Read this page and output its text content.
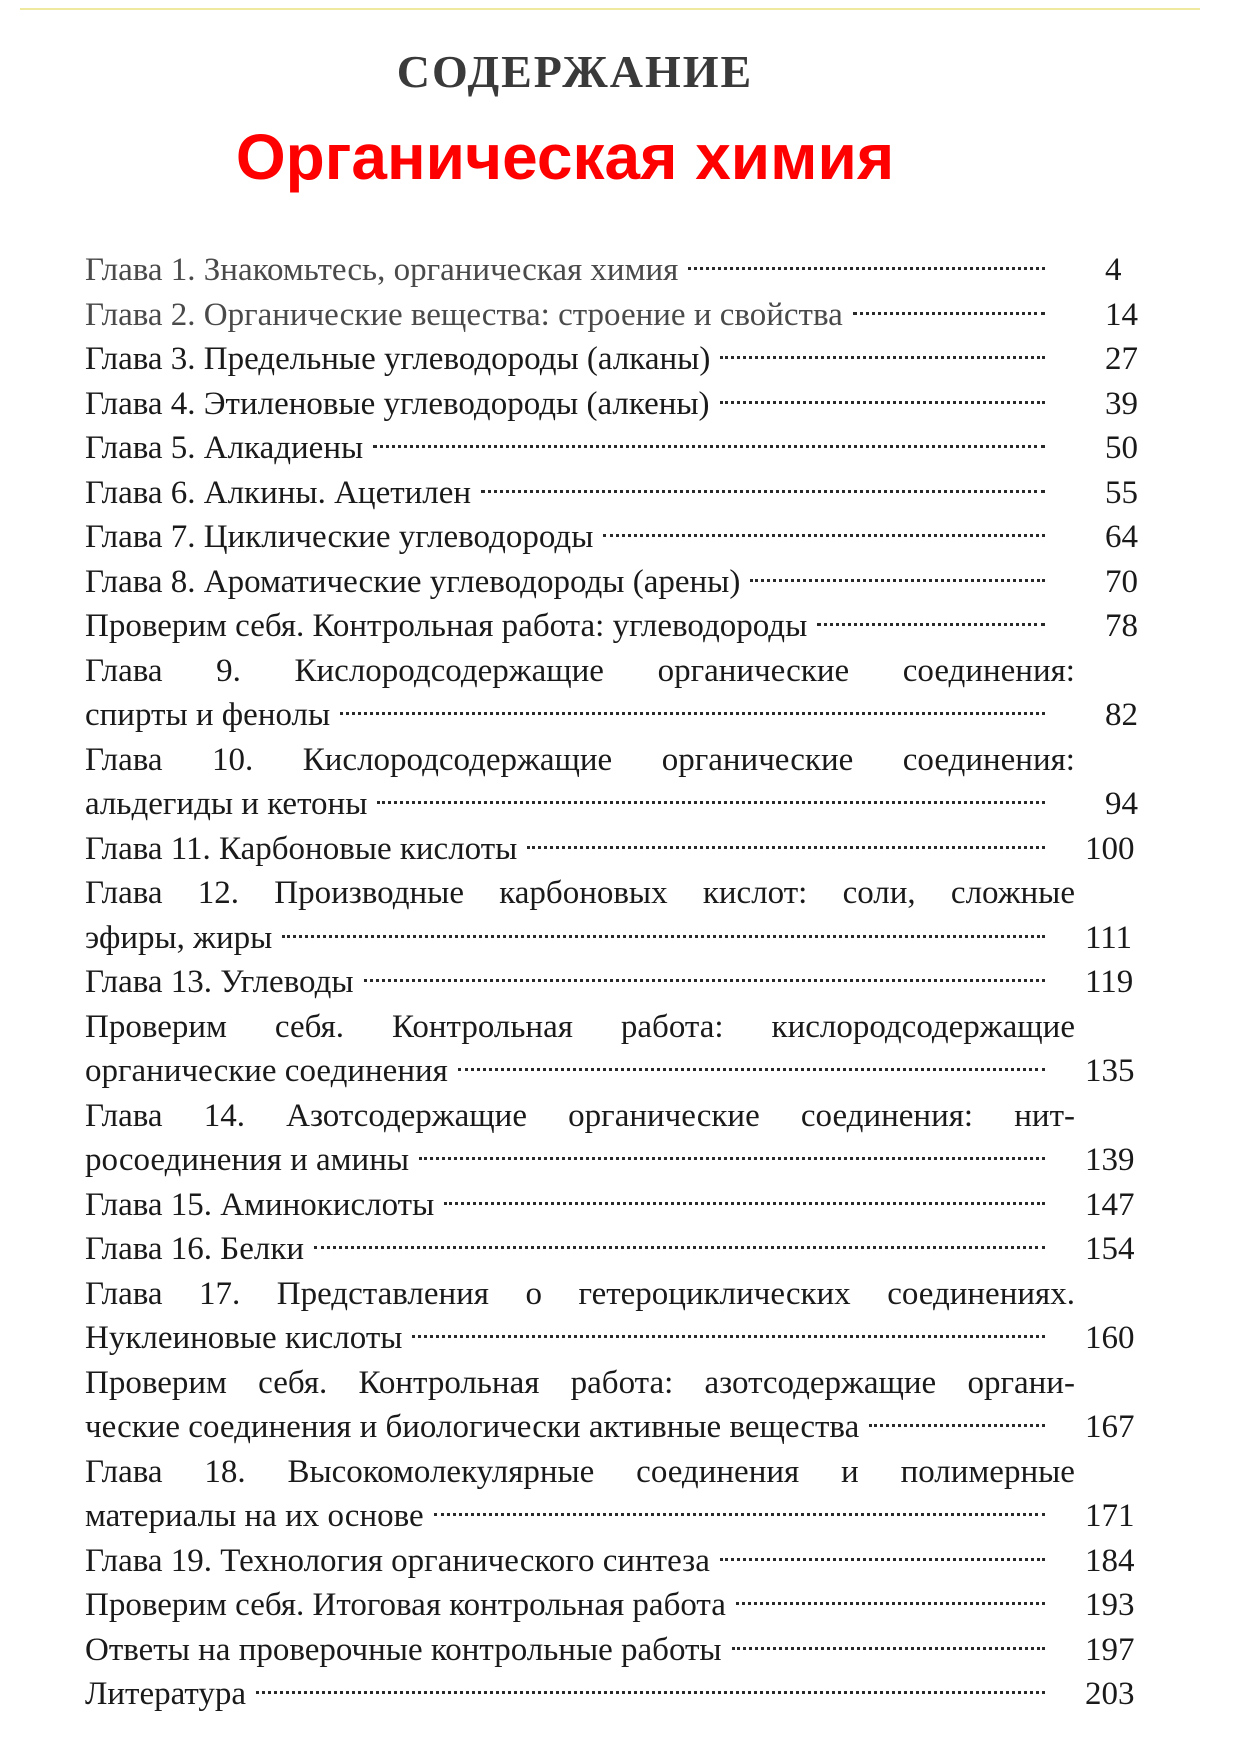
СОДЕРЖАНИЕ
Органическая химия
Глава 1. Знакомьтесь, органическая химия	4
Глава 2. Органические вещества: строение и свойства	14
Глава 3. Предельные углеводороды (алканы)	27
Глава 4. Этиленовые углеводороды (алкены)	39
Глава 5. Алкадиены	50
Глава 6. Алкины. Ацетилен	55
Глава 7. Циклические углеводороды	64
Глава 8. Ароматические углеводороды (арены)	70
Проверим себя. Контрольная работа: углеводороды	78
Глава 9. Кислородсодержащие органические соединения:
спирты и фенолы	82
Глава 10. Кислородсодержащие органические соединения:
альдегиды и кетоны	94
Глава 11. Карбоновые кислоты	100
Глава 12. Производные карбоновых кислот: соли, сложные
эфиры, жиры	111
Глава 13. Углеводы	119
Проверим себя. Контрольная работа: кислородсодержащие
органические соединения	135
Глава 14. Азотсодержащие органические соединения: нит-
росоединения и амины	139
Глава 15. Аминокислоты	147
Глава 16. Белки	154
Глава 17. Представления о гетероциклических соединениях.
Нуклеиновые кислоты	160
Проверим себя. Контрольная работа: азотсодержащие органи-
ческие соединения и биологически активные вещества	167
Глава 18. Высокомолекулярные соединения и полимерные
материалы на их основе	171
Глава 19. Технология органического синтеза	184
Проверим себя. Итоговая контрольная работа	193
Ответы на проверочные контрольные работы	197
Литература	203
